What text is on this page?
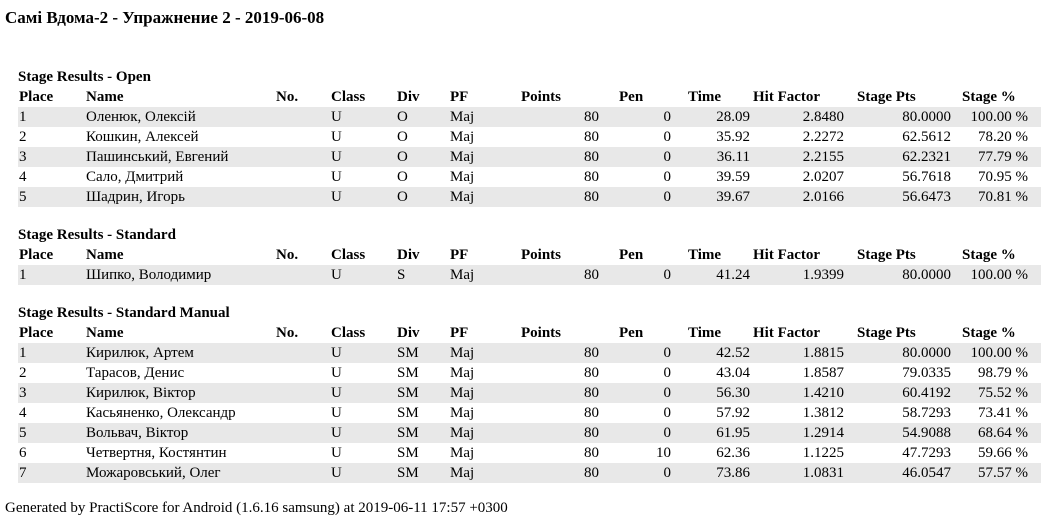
Самі Вдома-2 - Упражнение 2 - 2019-06-08
Stage Results - Open
Place	Name	No.	Class	Div	PF	Points	Pen	Time	Hit Factor	Stage Pts	Stage %
1	Оленюк, Олексій		U	O	Maj	80	0	28.09	2.8480	80.0000	100.00 %
2	Кошкин, Алексей		U	O	Maj	80	0	35.92	2.2272	62.5612	78.20 %
3	Пашинський, Евгений		U	O	Maj	80	0	36.11	2.2155	62.2321	77.79 %
4	Сало, Дмитрий		U	O	Maj	80	0	39.59	2.0207	56.7618	70.95 %
5	Шадрин, Игорь		U	O	Maj	80	0	39.67	2.0166	56.6473	70.81 %
Stage Results - Standard
Place	Name	No.	Class	Div	PF	Points	Pen	Time	Hit Factor	Stage Pts	Stage %
1	Шипко, Володимир		U	S	Maj	80	0	41.24	1.9399	80.0000	100.00 %
Stage Results - Standard Manual
Place	Name	No.	Class	Div	PF	Points	Pen	Time	Hit Factor	Stage Pts	Stage %
1	Кирилюк, Артем		U	SM	Maj	80	0	42.52	1.8815	80.0000	100.00 %
2	Тарасов, Денис		U	SM	Maj	80	0	43.04	1.8587	79.0335	98.79 %
3	Кирилюк, Віктор		U	SM	Maj	80	0	56.30	1.4210	60.4192	75.52 %
4	Касьяненко, Олександр		U	SM	Maj	80	0	57.92	1.3812	58.7293	73.41 %
5	Вольвач, Віктор		U	SM	Maj	80	0	61.95	1.2914	54.9088	68.64 %
6	Четвертня, Костянтин		U	SM	Maj	80	10	62.36	1.1225	47.7293	59.66 %
7	Можаровський, Олег		U	SM	Maj	80	0	73.86	1.0831	46.0547	57.57 %
Generated by PractiScore for Android (1.6.16 samsung) at 2019-06-11 17:57 +0300
